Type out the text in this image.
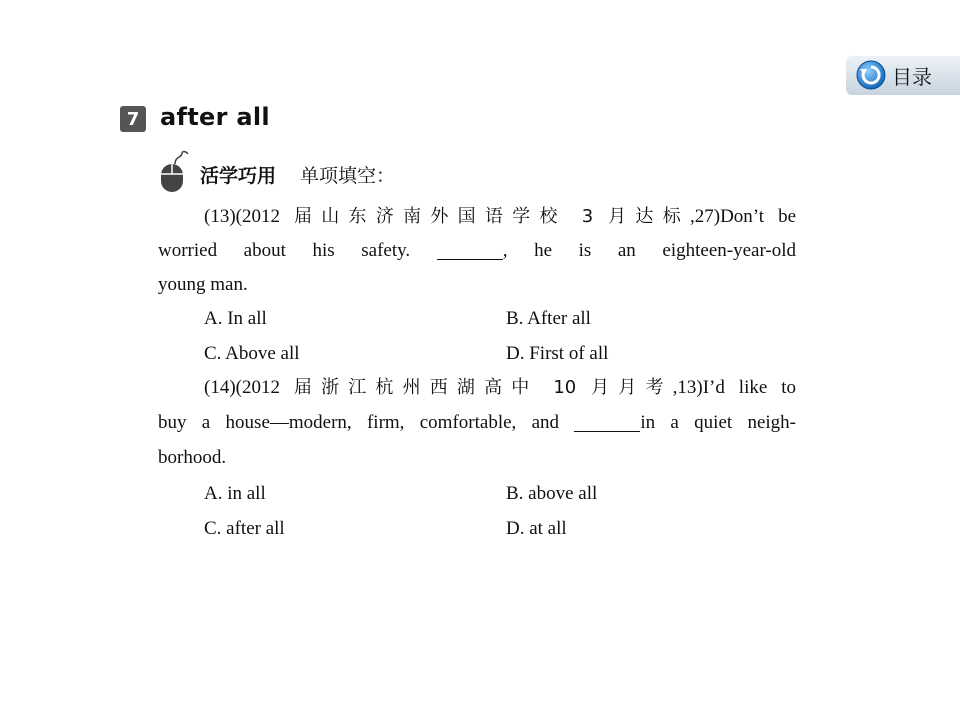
目录
7 after all
活学巧用 单项填空：
(13)(2012 届山东济南外国语学校 3 月达标,27)Don’t be
worried about his safety.	, he is an eighteen-year-old
young man.
A. In all	B. After all
C. Above all	D. First of all
(14)(2012 届浙江杭州西湖高中 10 月月考,13)I’d like to
buy a house—modern, firm, comfortable, and	in a quiet neigh-
borhood.
A. in all	B. above all
C. after all	D. at all
